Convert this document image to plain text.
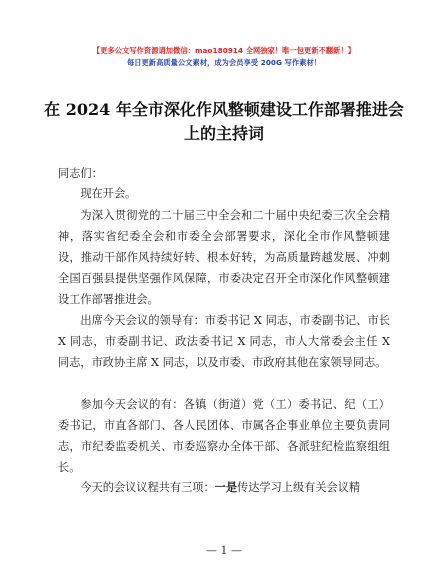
【更多公文写作资源请加微信：mao180914 全网独家！唯一包更新不翻新！】
每日更新高质量公文素材，成为会员享受 200G 写作素材！
在 2024 年全市深化作风整顿建设工作部署推进会上的主持词
同志们：
现在开会。
为深入贯彻党的二十届三中全会和二十届中央纪委三次全会精神，落实省纪委全会和市委全会部署要求，深化全市作风整顿建设，推动干部作风持续好转、根本好转，为高质量跨越发展、冲刺全国百强县提供坚强作风保障，市委决定召开全市深化作风整顿建设工作部署推进会。
出席今天会议的领导有：市委书记 X 同志，市委副书记、市长 X 同志，市委副书记、政法委书记 X 同志，市人大常委会主任 X 同志，市政协主席 X 同志，以及市委、市政府其他在家领导同志。
参加今天会议的有：各镇（街道）党（工）委书记、纪（工）委书记，市直各部门、各人民团体、市属各企事业单位主要负责同志，市纪委监委机关、市委巡察办全体干部、各派驻纪检监察组组长。
今天的会议议程共有三项：一是传达学习上级有关会议精
— 1 —
